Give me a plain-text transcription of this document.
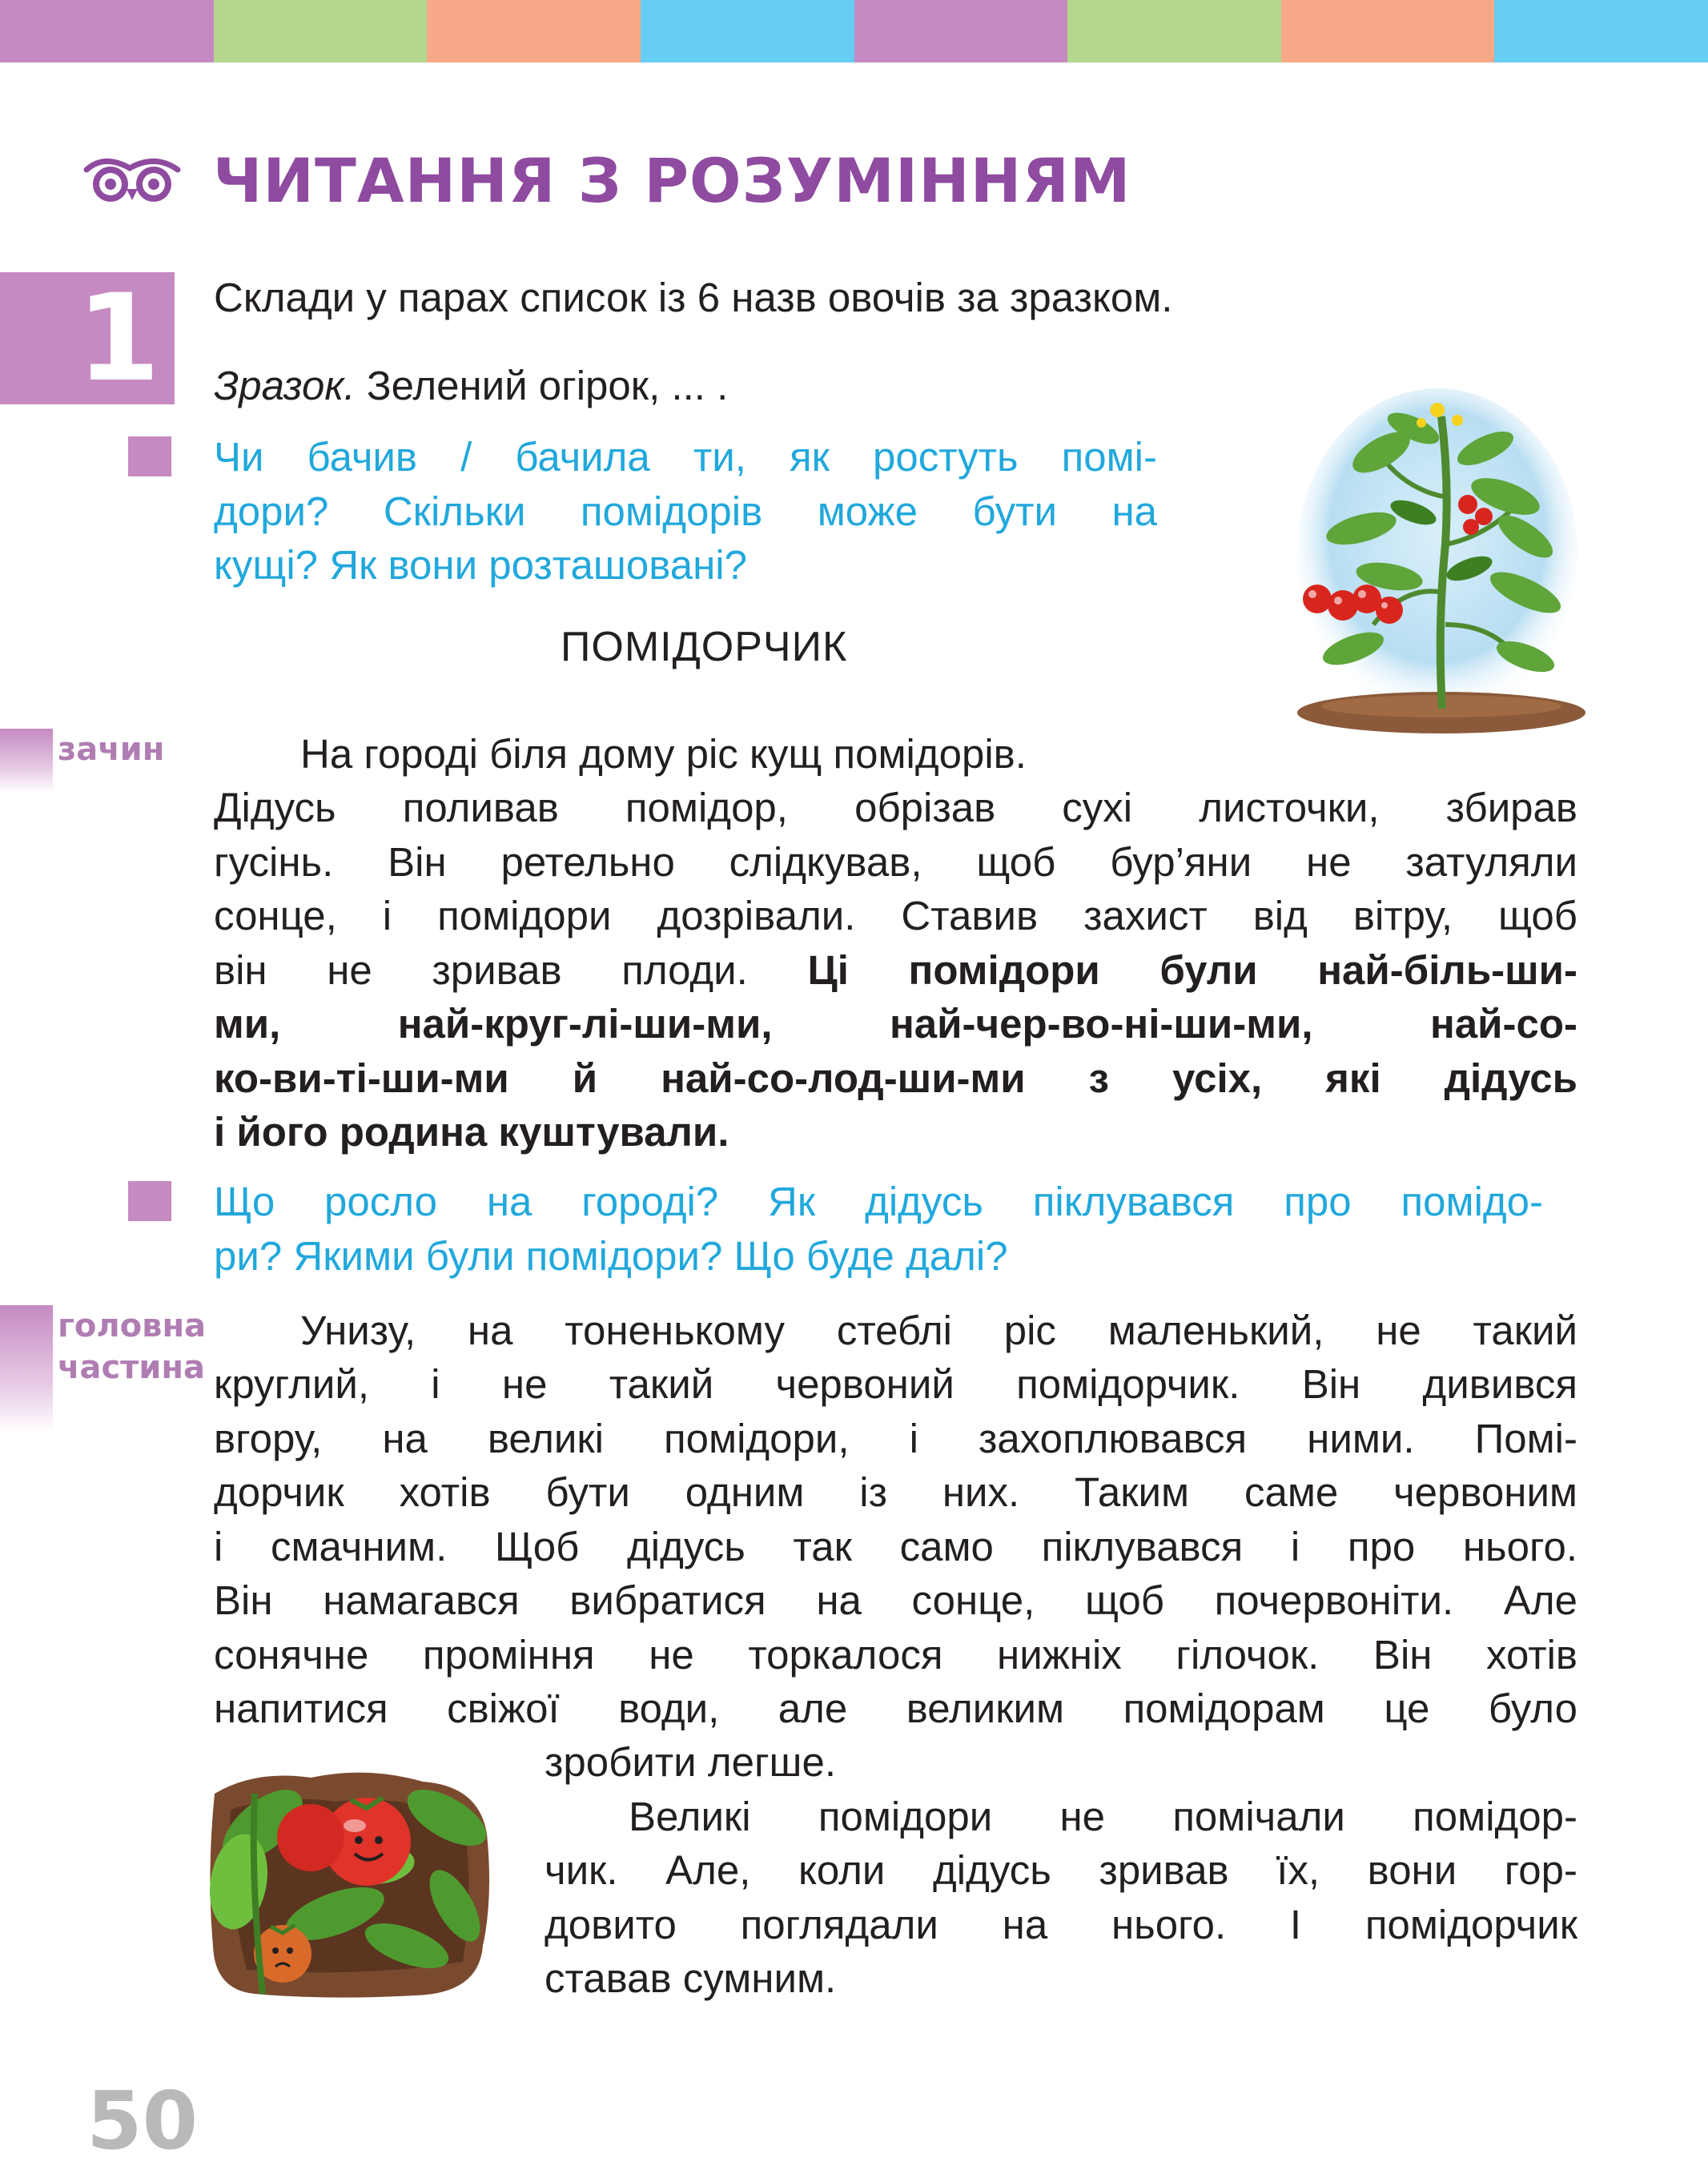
ЧИТАННЯ З РОЗУМІННЯМ
1	Склади у парах список із 6 назв овочів за зразком.
Зразок. Зелений огірок, ... .
Чи бачив / бачила ти, як ростуть помі-
дори? Скільки помідорів може бути на
кущі? Як вони розташовані?
ПОМІДОРЧИК
зачин	На городі біля дому ріс кущ помідорів.
Дідусь поливав помідор, обрізав сухі листочки, збирав
гусінь. Він ретельно слідкував, щоб бур’яни не затуляли
сонце, і помідори дозрівали. Ставив захист від вітру, щоб
він не зривав плоди. Ці помідори були най-біль-ши-
ми, най-круг-лі-ши-ми, най-чер-во-ні-ши-ми, най-со-
ко-ви-ті-ши-ми й най-со-лод-ши-ми з усіх, які дідусь
і його родина куштували.
Що росло на городі? Як дідусь піклувався про помідо-
ри? Якими були помідори? Що буде далі?
головна
частина
Унизу, на тоненькому стеблі ріс маленький, не такий
круглий, і не такий червоний помідорчик. Він дивився
вгору, на великі помідори, і захоплювався ними. Помі-
дорчик хотів бути одним із них. Таким саме червоним
і смачним. Щоб дідусь так само піклувався і про нього.
Він намагався вибратися на сонце, щоб почервоніти. Але
сонячне проміння не торкалося нижніх гілочок. Він хотів
напитися свіжої води, але великим помідорам це було
зробити легше.
Великі помідори не помічали помідор-
чик. Але, коли дідусь зривав їх, вони гор-
довито поглядали на нього. І помідорчик
ставав сумним.
50
